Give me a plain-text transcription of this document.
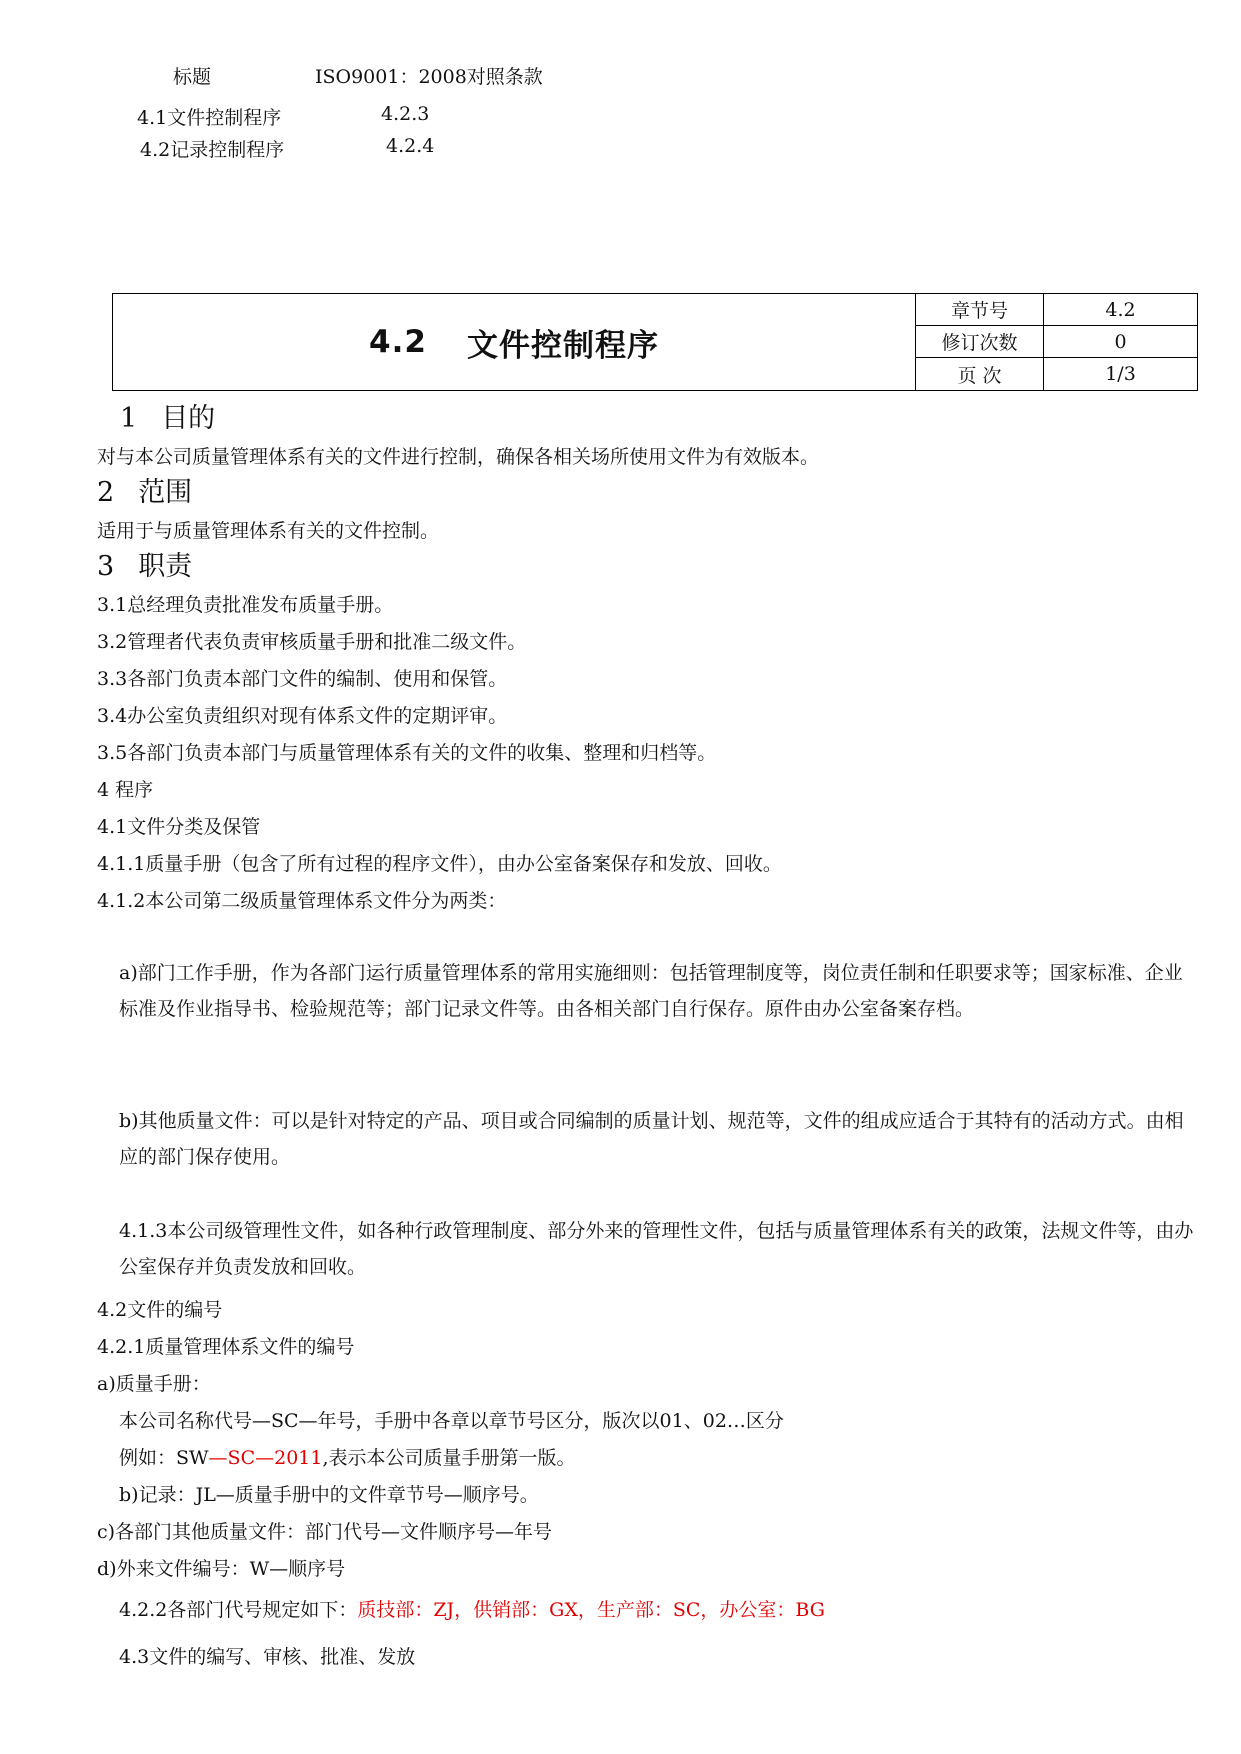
标题	ISO9001：2008对照条款
4.1文件控制程序	4.2.3
4.2记录控制程序	4.2.4
4.2 文件控制程序
章节号	4.2
修订次数	0
页 次	1/3
1 目的
对与本公司质量管理体系有关的文件进行控制，确保各相关场所使用文件为有效版本。
2 范围
适用于与质量管理体系有关的文件控制。
3 职责
3.1总经理负责批准发布质量手册。
3.2管理者代表负责审核质量手册和批准二级文件。
3.3各部门负责本部门文件的编制、使用和保管。
3.4办公室负责组织对现有体系文件的定期评审。
3.5各部门负责本部门与质量管理体系有关的文件的收集、整理和归档等。
4 程序
4.1文件分类及保管
4.1.1质量手册（包含了所有过程的程序文件），由办公室备案保存和发放、回收。
4.1.2本公司第二级质量管理体系文件分为两类：
a)部门工作手册，作为各部门运行质量管理体系的常用实施细则：包括管理制度等，岗位责任制和任职要求等；国家标准、企业标准及作业指导书、检验规范等；部门记录文件等。由各相关部门自行保存。原件由办公室备案存档。
b)其他质量文件：可以是针对特定的产品、项目或合同编制的质量计划、规范等，文件的组成应适合于其特有的活动方式。由相应的部门保存使用。
4.1.3本公司级管理性文件，如各种行政管理制度、部分外来的管理性文件，包括与质量管理体系有关的政策，法规文件等，由办公室保存并负责发放和回收。
4.2文件的编号
4.2.1质量管理体系文件的编号
a)质量手册：
本公司名称代号—SC—年号，手册中各章以章节号区分，版次以01、02…区分
例如：SW—SC—2011,表示本公司质量手册第一版。
b)记录：JL—质量手册中的文件章节号—顺序号。
c)各部门其他质量文件：部门代号—文件顺序号—年号
d)外来文件编号：W—顺序号
4.2.2各部门代号规定如下：质技部：ZJ，供销部：GX，生产部：SC，办公室：BG
4.3文件的编写、审核、批准、发放
